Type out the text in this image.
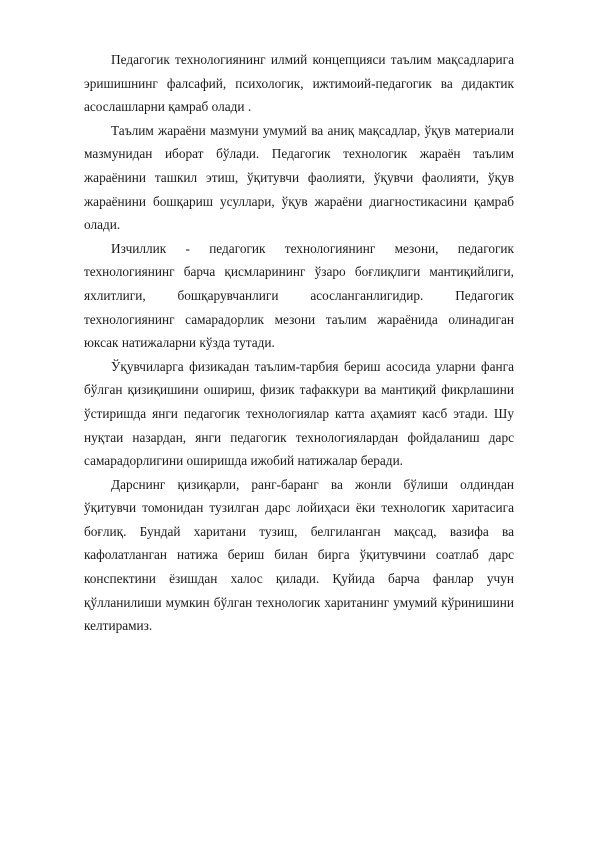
Педагогик технологиянинг илмий концепцияси таълим мақсадларига эришишнинг фалсафий, психологик, ижтимоий-педагогик ва дидактик асослашларни қамраб олади .

Таълим жараёни мазмуни умумий ва аниқ мақсадлар, ўқув материали мазмунидан иборат бўлади. Педагогик технологик жараён таълим жараёнини ташкил этиш, ўқитувчи фаолияти, ўқувчи фаолияти, ўқув жараёнини бошқариш усуллари, ўқув жараёни диагностикасини қамраб олади.

Изчиллик - педагогик технологиянинг мезони, педагогик технологиянинг барча қисмларининг ўзаро боғлиқлиги мантиқийлиги, яхлитлиги, бошқарувчанлиги асосланганлигидир. Педагогик технологиянинг самарадорлик мезони таълим жараёнида олинадиган юксак натижаларни кўзда тутади.

Ўқувчиларга физикадан таълим-тарбия бериш асосида уларни фанга бўлган қизиқишини ошириш, физик тафаккури ва мантиқий фикрлашини ўстиришда янги педагогик технологиялар катта аҳамият касб этади. Шу нуқтаи назардан, янги педагогик технологиялардан фойдаланиш дарс самарадорлигини оширишда ижобий натижалар беради.

Дарснинг қизиқарли, ранг-баранг ва жонли бўлиши олдиндан ўқитувчи томонидан тузилган дарс лойиҳаси ёки технологик харитасига боғлиқ. Бундай харитани тузиш, белгиланган мақсад, вазифа ва кафолатланган натижа бериш билан бирга ўқитувчини соатлаб дарс конспектини ёзишдан халос қилади. Қуйида барча фанлар учун қўлланилиши мумкин бўлган технологик хаританинг умумий кўринишини келтирамиз.
